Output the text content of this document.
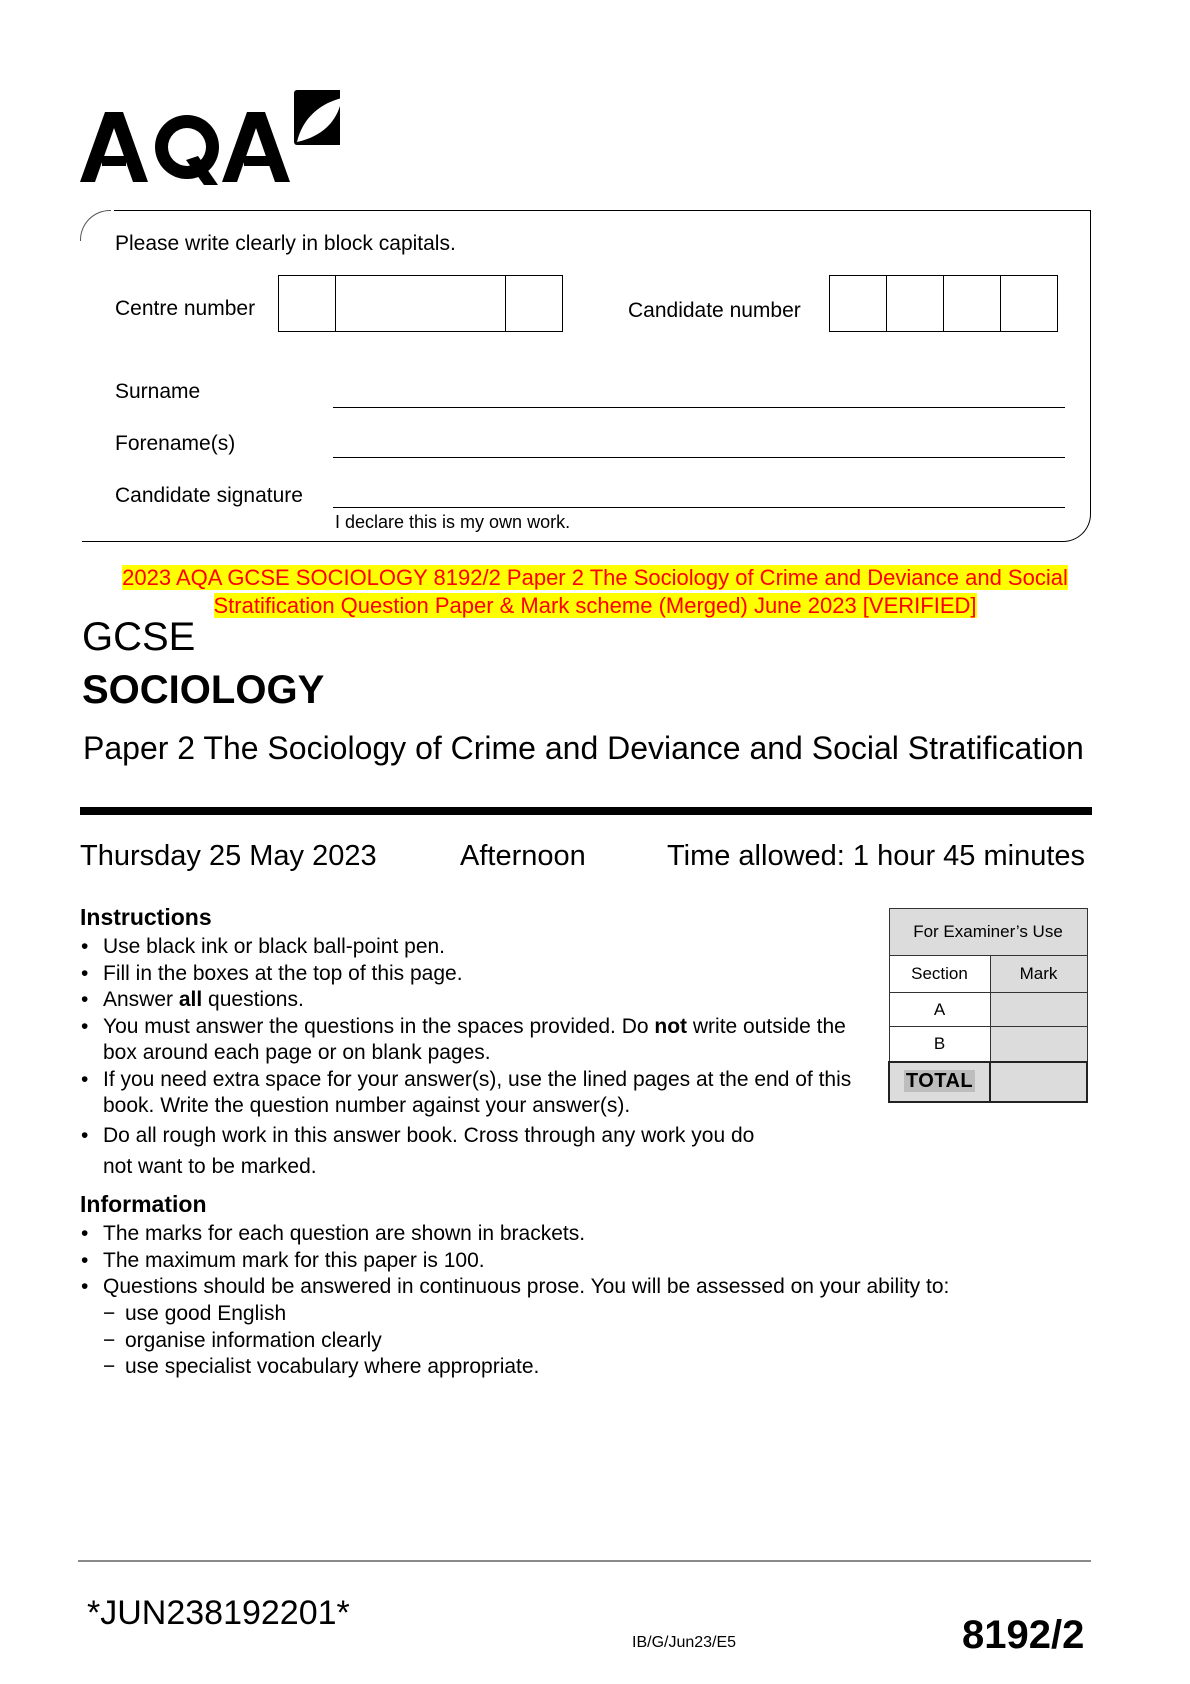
Please write clearly in block capitals.
Centre number	Candidate number
Surname
Forename(s)
Candidate signature
I declare this is my own work.
2023 AQA GCSE SOCIOLOGY 8192/2 Paper 2 The Sociology of Crime and Deviance and Social
Stratification Question Paper & Mark scheme (Merged) June 2023 [VERIFIED]
GCSE
SOCIOLOGY
Paper 2 The Sociology of Crime and Deviance and Social Stratification
Thursday 25 May 2023	Afternoon	Time allowed: 1 hour 45 minutes
Instructions
• Use black ink or black ball-point pen.
• Fill in the boxes at the top of this page.
• Answer all questions.
• You must answer the questions in the spaces provided. Do not write outside the box around each page or on blank pages.
• If you need extra space for your answer(s), use the lined pages at the end of this book. Write the question number against your answer(s).
• Do all rough work in this answer book. Cross through any work you do not want to be marked.
For Examiner’s Use	
Section	Mark
A	
B	
TOTAL	
Information
• The marks for each question are shown in brackets.
• The maximum mark for this paper is 100.
• Questions should be answered in continuous prose. You will be assessed on your ability to:
− use good English
− organise information clearly
− use specialist vocabulary where appropriate.
*JUN238192201*
IB/G/Jun23/E5	8192/2
